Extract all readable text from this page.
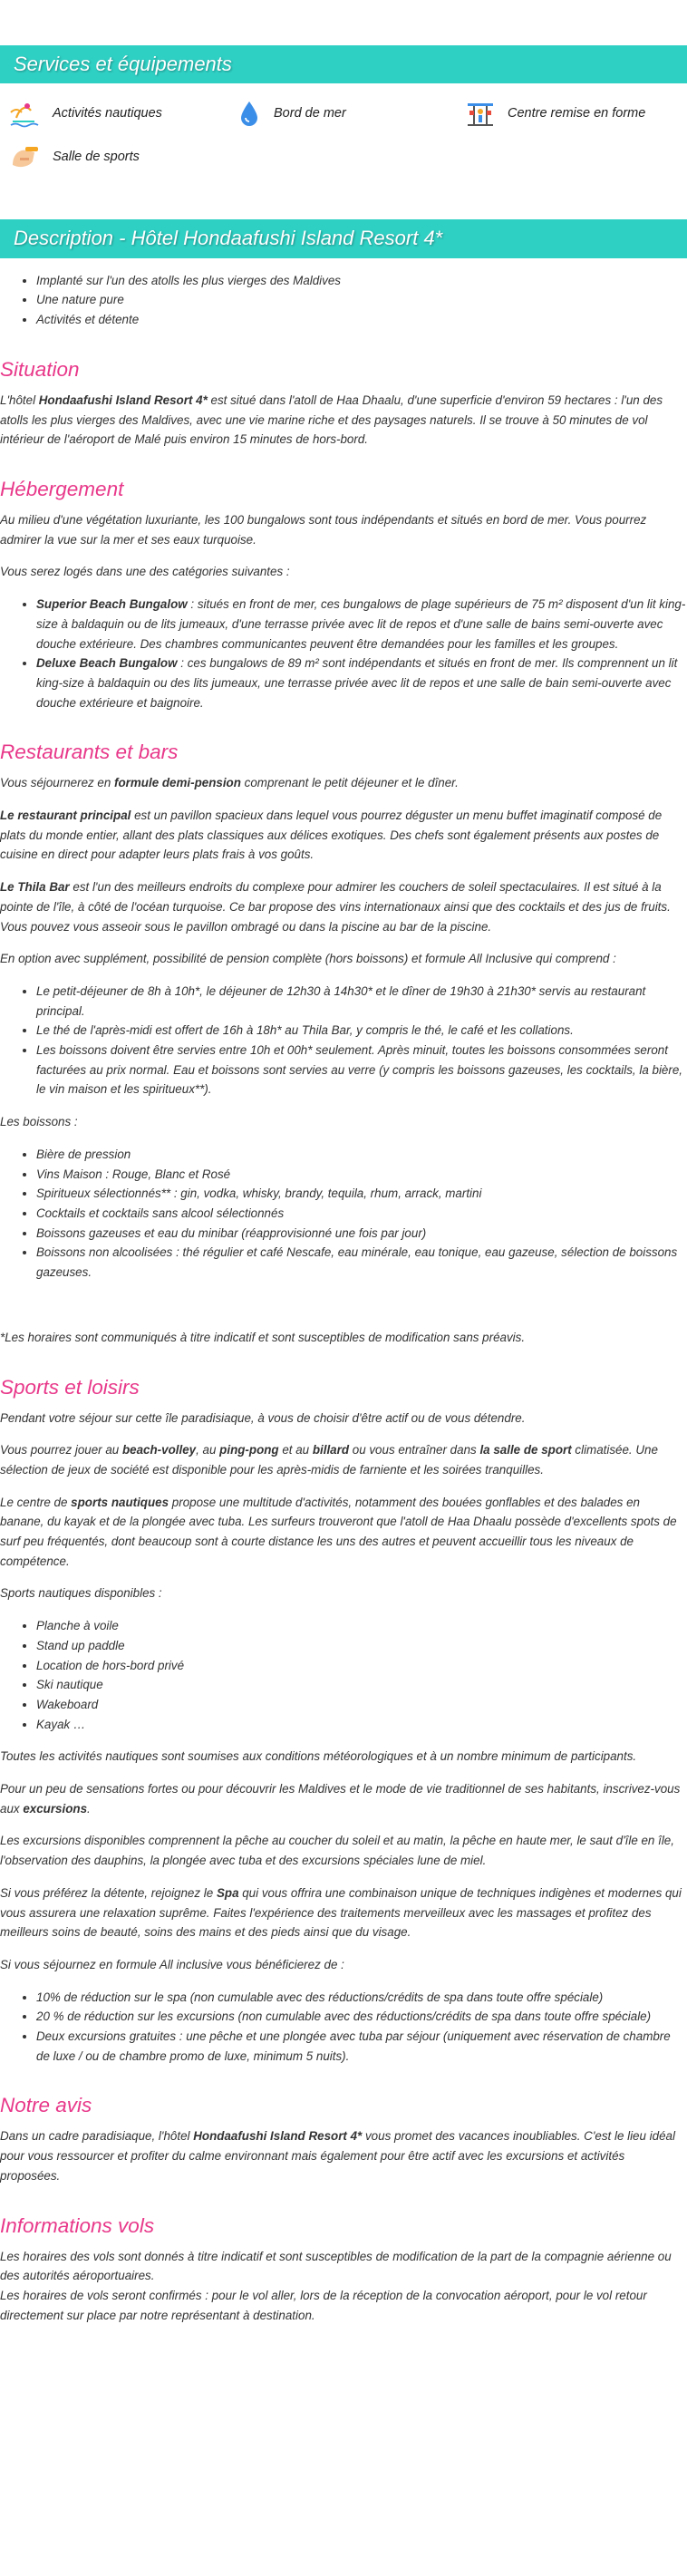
Services et équipements
Activités nautiques	Bord de mer	Centre remise en forme
Salle de sports
Description - Hôtel Hondaafushi Island Resort 4*
• Implanté sur l'un des atolls les plus vierges des Maldives
• Une nature pure
• Activités et détente
Situation

L'hôtel Hondaafushi Island Resort 4* est situé dans l'atoll de Haa Dhaalu, d'une superficie d'environ 59 hectares : l'un des atolls les plus vierges des Maldives, avec une vie marine riche et des paysages naturels. Il se trouve à 50 minutes de vol intérieur de l'aéroport de Malé puis environ 15 minutes de hors-bord.

Hébergement

Au milieu d'une végétation luxuriante, les 100 bungalows sont tous indépendants et situés en bord de mer. Vous pourrez admirer la vue sur la mer et ses eaux turquoise.

Vous serez logés dans une des catégories suivantes :

• Superior Beach Bungalow : situés en front de mer, ces bungalows de plage supérieurs de 75 m² disposent d'un lit king-size à baldaquin ou de lits jumeaux, d'une terrasse privée avec lit de repos et d'une salle de bains semi-ouverte avec douche extérieure. Des chambres communicantes peuvent être demandées pour les familles et les groupes.
• Deluxe Beach Bungalow : ces bungalows de 89 m² sont indépendants et situés en front de mer. Ils comprennent un lit king-size à baldaquin ou des lits jumeaux, une terrasse privée avec lit de repos et une salle de bain semi-ouverte avec douche extérieure et baignoire.
Restaurants et bars

Vous séjournerez en formule demi-pension comprenant le petit déjeuner et le dîner.

Le restaurant principal est un pavillon spacieux dans lequel vous pourrez déguster un menu buffet imaginatif composé de plats du monde entier, allant des plats classiques aux délices exotiques. Des chefs sont également présents aux postes de cuisine en direct pour adapter leurs plats frais à vos goûts.

Le Thila Bar est l'un des meilleurs endroits du complexe pour admirer les couchers de soleil spectaculaires. Il est situé à la pointe de l'île, à côté de l'océan turquoise. Ce bar propose des vins internationaux ainsi que des cocktails et des jus de fruits. Vous pouvez vous asseoir sous le pavillon ombragé ou dans la piscine au bar de la piscine.

En option avec supplément, possibilité de pension complète (hors boissons) et formule All Inclusive qui comprend :

• Le petit-déjeuner de 8h à 10h*, le déjeuner de 12h30 à 14h30* et le dîner de 19h30 à 21h30* servis au restaurant principal.
• Le thé de l'après-midi est offert de 16h à 18h* au Thila Bar, y compris le thé, le café et les collations.
• Les boissons doivent être servies entre 10h et 00h* seulement. Après minuit, toutes les boissons consommées seront facturées au prix normal. Eau et boissons sont servies au verre (y compris les boissons gazeuses, les cocktails, la bière, le vin maison et les spiritueux**).

Les boissons :

• Bière de pression
• Vins Maison : Rouge, Blanc et Rosé
• Spiritueux sélectionnés** : gin, vodka, whisky, brandy, tequila, rhum, arrack, martini
• Cocktails et cocktails sans alcool sélectionnés
• Boissons gazeuses et eau du minibar (réapprovisionné une fois par jour)
• Boissons non alcoolisées : thé régulier et café Nescafe, eau minérale, eau tonique, eau gazeuse, sélection de boissons gazeuses.

*Les horaires sont communiqués à titre indicatif et sont susceptibles de modification sans préavis.

Sports et loisirs

Pendant votre séjour sur cette île paradisiaque, à vous de choisir d'être actif ou de vous détendre.

Vous pourrez jouer au beach-volley, au ping-pong et au billard ou vous entraîner dans la salle de sport climatisée. Une sélection de jeux de société est disponible pour les après-midis de farniente et les soirées tranquilles.

Le centre de sports nautiques propose une multitude d'activités, notamment des bouées gonflables et des balades en banane, du kayak et de la plongée avec tuba. Les surfeurs trouveront que l'atoll de Haa Dhaalu possède d'excellents spots de surf peu fréquentés, dont beaucoup sont à courte distance les uns des autres et peuvent accueillir tous les niveaux de compétence.

Sports nautiques disponibles :

• Planche à voile
• Stand up paddle
• Location de hors-bord privé
• Ski nautique
• Wakeboard
• Kayak …

Toutes les activités nautiques sont soumises aux conditions météorologiques et à un nombre minimum de participants.

Pour un peu de sensations fortes ou pour découvrir les Maldives et le mode de vie traditionnel de ses habitants, inscrivez-vous aux excursions.

Les excursions disponibles comprennent la pêche au coucher du soleil et au matin, la pêche en haute mer, le saut d'île en île, l'observation des dauphins, la plongée avec tuba et des excursions spéciales lune de miel.

Si vous préférez la détente, rejoignez le Spa qui vous offrira une combinaison unique de techniques indigènes et modernes qui vous assurera une relaxation suprême. Faites l'expérience des traitements merveilleux avec les massages et profitez des meilleurs soins de beauté, soins des mains et des pieds ainsi que du visage.

Si vous séjournez en formule All inclusive vous bénéficierez de :

• 10% de réduction sur le spa (non cumulable avec des réductions/crédits de spa dans toute offre spéciale)
• 20 % de réduction sur les excursions (non cumulable avec des réductions/crédits de spa dans toute offre spéciale)
• Deux excursions gratuites : une pêche et une plongée avec tuba par séjour (uniquement avec réservation de chambre de luxe / ou de chambre promo de luxe, minimum 5 nuits).
Notre avis

Dans un cadre paradisiaque, l'hôtel Hondaafushi Island Resort 4* vous promet des vacances inoubliables. C'est le lieu idéal pour vous ressourcer et profiter du calme environnant mais également pour être actif avec les excursions et activités proposées.

Informations vols

Les horaires des vols sont donnés à titre indicatif et sont susceptibles de modification de la part de la compagnie aérienne ou des autorités aéroportuaires.

Les horaires de vols seront confirmés : pour le vol aller, lors de la réception de la convocation aéroport, pour le vol retour directement sur place par notre représentant à destination.
